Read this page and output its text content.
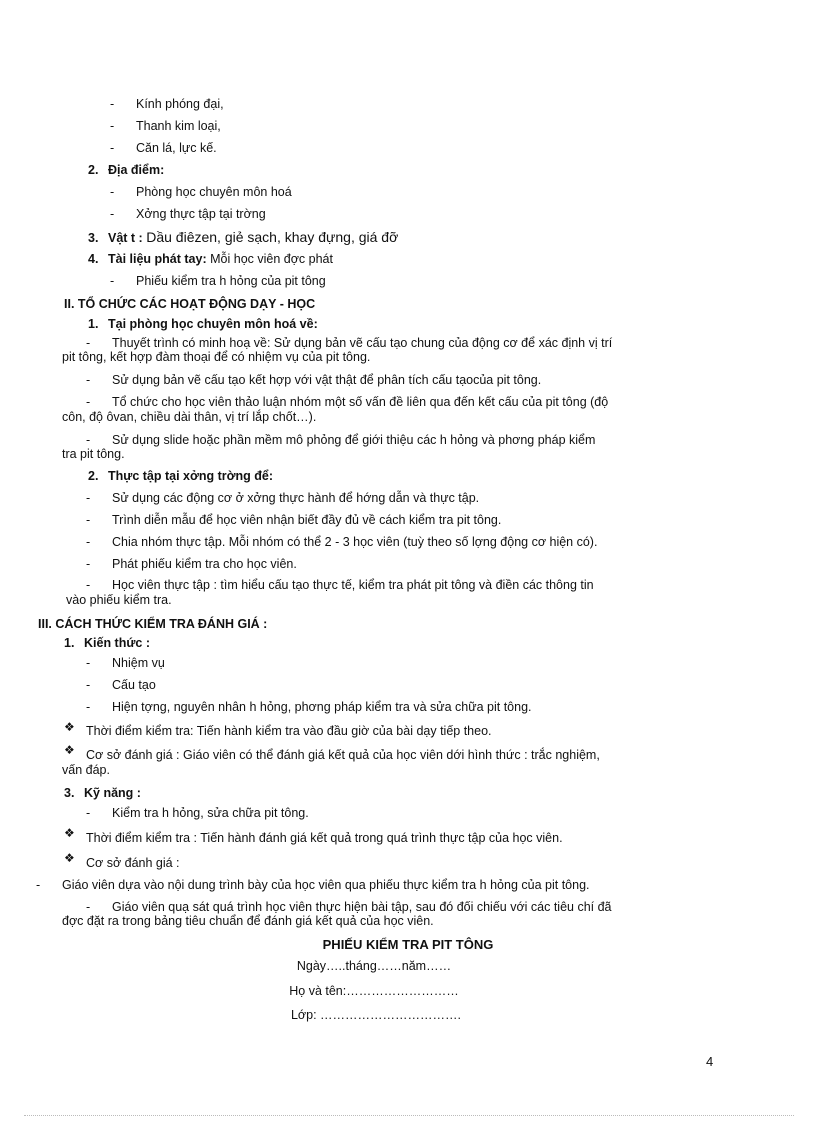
- Kính phóng đại,
- Thanh kim loại,
- Căn lá, lực kế.
2. Địa điểm:
- Phòng học chuyên môn hoá
- Xởng thực tập tại trờng
3. Vật t : Dầu điêzen, giẻ sạch, khay đựng, giá đỡ
4. Tài liệu phát tay: Mỗi học viên đợc phát
- Phiếu kiểm tra h hỏng của pit tông
II. TỔ CHỨC CÁC HOẠT ĐỘNG DẠY - HỌC
1. Tại phòng học chuyên môn hoá về:
- Thuyết trình có minh hoạ về: Sử dụng bản vẽ cấu tạo chung của động cơ để xác định vị trí
pit tông, kết hợp đàm thoại để có nhiệm vụ của pit tông.
- Sử dụng bản vẽ cấu tạo kết hợp với vật thật để phân tích cấu tạocủa pit tông.
- Tổ chức cho học viên thảo luận nhóm một số vấn đề liên qua đến kết cấu của pit tông (độ
côn, độ ôvan, chiều dài thân, vị trí lắp chốt…).
- Sử dụng slide hoặc phần mềm mô phỏng để giới thiệu các h hỏng và phơng pháp kiểm
tra pit tông.
2. Thực tập tại xởng trờng để:
- Sử dụng các động cơ ở xởng thực hành để hớng dẫn và thực tập.
- Trình diễn mẫu để học viên nhận biết đầy đủ về cách kiểm tra pit tông.
- Chia nhóm thực tập. Mỗi nhóm có thể 2 - 3 học viên (tuỳ theo số lợng động cơ hiện có).
- Phát phiếu kiểm tra cho học viên.
- Học viên thực tập : tìm hiểu cấu tạo thực tế, kiểm tra phát pit tông và điền các thông tin
vào phiếu kiểm tra.
III. CÁCH THỨC KIỂM TRA ĐÁNH GIÁ :
1. Kiến thức :
- Nhiệm vụ
- Cấu tạo
- Hiện tợng, nguyên nhân h hỏng, phơng pháp kiểm tra và sửa chữa pit tông.
❖ Thời điểm kiểm tra: Tiến hành kiểm tra vào đầu giờ của bài dạy tiếp theo.
❖ Cơ sở đánh giá : Giáo viên có thể đánh giá kết quả của học viên dới hình thức : trắc nghiệm,
vấn đáp.
3. Kỹ năng :
- Kiểm tra h hỏng, sửa chữa pit tông.
❖ Thời điểm kiểm tra : Tiến hành đánh giá kết quả trong quá trình thực tập của học viên.
❖ Cơ sở đánh giá :
- Giáo viên dựa vào nội dung trình bày của học viên qua phiếu thực kiểm tra h hỏng của pit tông.
- Giáo viên quạ sát quá trình học viên thực hiện bài tập, sau đó đối chiếu với các tiêu chí đã
đợc đặt ra trong bảng tiêu chuẩn để đánh giá kết quả của học viên.
PHIẾU KIỂM TRA PIT TÔNG
Ngày…..tháng……năm……
Họ và tên:………………………
Lớp: …………………………….
4
